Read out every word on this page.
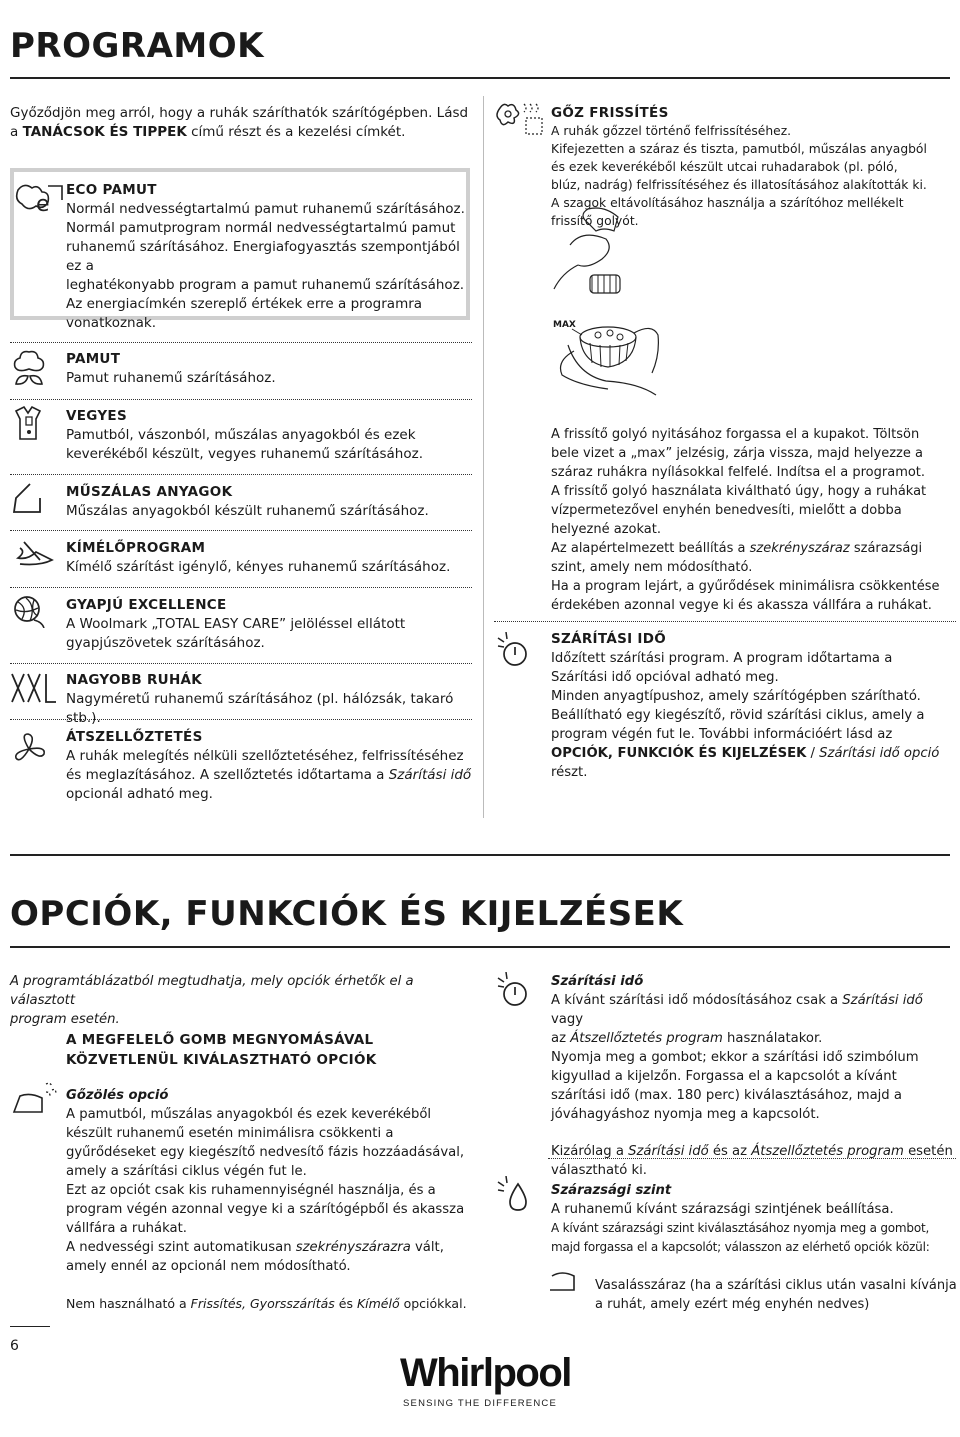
PROGRAMOK
Győződjön meg arról, hogy a ruhák száríthatók szárítógépben. Lásd
a TANÁCSOK ÉS TIPPEK című részt és a kezelési címkét.
e
ECO PAMUT
Normál nedvességtartalmú pamut ruhanemű szárításához.
Normál pamutprogram normál nedvességtartalmú pamut
ruhanemű szárításához. Energiafogyasztás szempontjából ez a
leghatékonyabb program a pamut ruhanemű szárításához.
Az energiacímkén szereplő értékek erre a programra
vonatkoznak.
PAMUT
Pamut ruhanemű szárításához.
VEGYES
Pamutból, vászonból, műszálas anyagokból és ezek
keverékéből készült, vegyes ruhanemű szárításához.
MŰSZÁLAS ANYAGOK
Műszálas anyagokból készült ruhanemű szárításához.
KÍMÉLŐPROGRAM
Kímélő szárítást igénylő, kényes ruhanemű szárításához.
GYAPJÚ EXCELLENCE
A Woolmark „TOTAL EASY CARE” jelöléssel ellátott
gyapjúszövetek szárításához.
NAGYOBB RUHÁK
Nagyméretű ruhanemű szárításához (pl. hálózsák, takaró stb.).
ÁTSZELLŐZTETÉS
A ruhák melegítés nélküli szellőztetéséhez, felfrissítéséhez
és meglazításához. A szellőztetés időtartama a Szárítási idő
opcionál adható meg.
GŐZ FRISSÍTÉS
A ruhák gőzzel történő felfrissítéséhez.
Kifejezetten a száraz és tiszta, pamutból, műszálas anyagból
és ezek keverékéből készült utcai ruhadarabok (pl. póló,
blúz, nadrág) felfrissítéséhez és illatosításához alakították ki.
A szagok eltávolításához használja a szárítóhoz mellékelt
frissítő golyót.
MAX
A frissítő golyó nyitásához forgassa el a kupakot. Töltsön
bele vizet a „max” jelzésig, zárja vissza, majd helyezze a
száraz ruhákra nyílásokkal felfelé. Indítsa el a programot.
A frissítő golyó használata kiváltható úgy, hogy a ruhákat
vízpermetezővel enyhén benedvesíti, mielőtt a dobba
helyezné azokat.
Az alapértelmezett beállítás a szekrényszáraz szárazsági
szint, amely nem módosítható.
Ha a program lejárt, a gyűrődések minimálisra csökkentése
érdekében azonnal vegye ki és akassza vállfára a ruhákat.
SZÁRÍTÁSI IDŐ
Időzített szárítási program. A program időtartama a
Szárítási idő opcióval adható meg.
Minden anyagtípushoz, amely szárítógépben szárítható.
Beállítható egy kiegészítő, rövid szárítási ciklus, amely a
program végén fut le. További információért lásd az
OPCIÓK, FUNKCIÓK ÉS KIJELZÉSEK / Szárítási idő opció
részt.
OPCIÓK, FUNKCIÓK ÉS KIJELZÉSEK
A programtáblázatból megtudhatja, mely opciók érhetők el a választott
program esetén.
A MEGFELELŐ GOMB MEGNYOMÁSÁVAL
KÖZVETLENÜL KIVÁLASZTHATÓ OPCIÓK
Gőzölés opció
A pamutból, műszálas anyagokból és ezek keverékéből
készült ruhanemű esetén minimálisra csökkenti a
gyűrődéseket egy kiegészítő nedvesítő fázis hozzáadásával,
amely a szárítási ciklus végén fut le.
Ezt az opciót csak kis ruhamennyiségnél használja, és a
program végén azonnal vegye ki a szárítógépből és akassza
vállfára a ruhákat.
A nedvességi szint automatikusan szekrényszárazra vált,
amely ennél az opcionál nem módosítható.
Nem használható a Frissítés, Gyorsszárítás és Kímélő opciókkal.
Szárítási idő
A kívánt szárítási idő módosításához csak a Szárítási idő vagy
az Átszellőztetés program használatakor.
Nyomja meg a gombot; ekkor a szárítási idő szimbólum
kigyullad a kijelzőn. Forgassa el a kapcsolót a kívánt
szárítási idő (max. 180 perc) kiválasztásához, majd a
jóváhagyáshoz nyomja meg a kapcsolót.
Kizárólag a Szárítási idő és az Átszellőztetés program esetén
választható ki.
Szárazsági szint
A ruhanemű kívánt szárazsági szintjének beállítása.
A kívánt szárazsági szint kiválasztásához nyomja meg a gombot,
majd forgassa el a kapcsolót; válasszon az elérhető opciók közül:
Vasalásszáraz (ha a szárítási ciklus után vasalni kívánja
a ruhát, amely ezért még enyhén nedves)
6
Whirlpool
SENSING THE DIFFERENCE
